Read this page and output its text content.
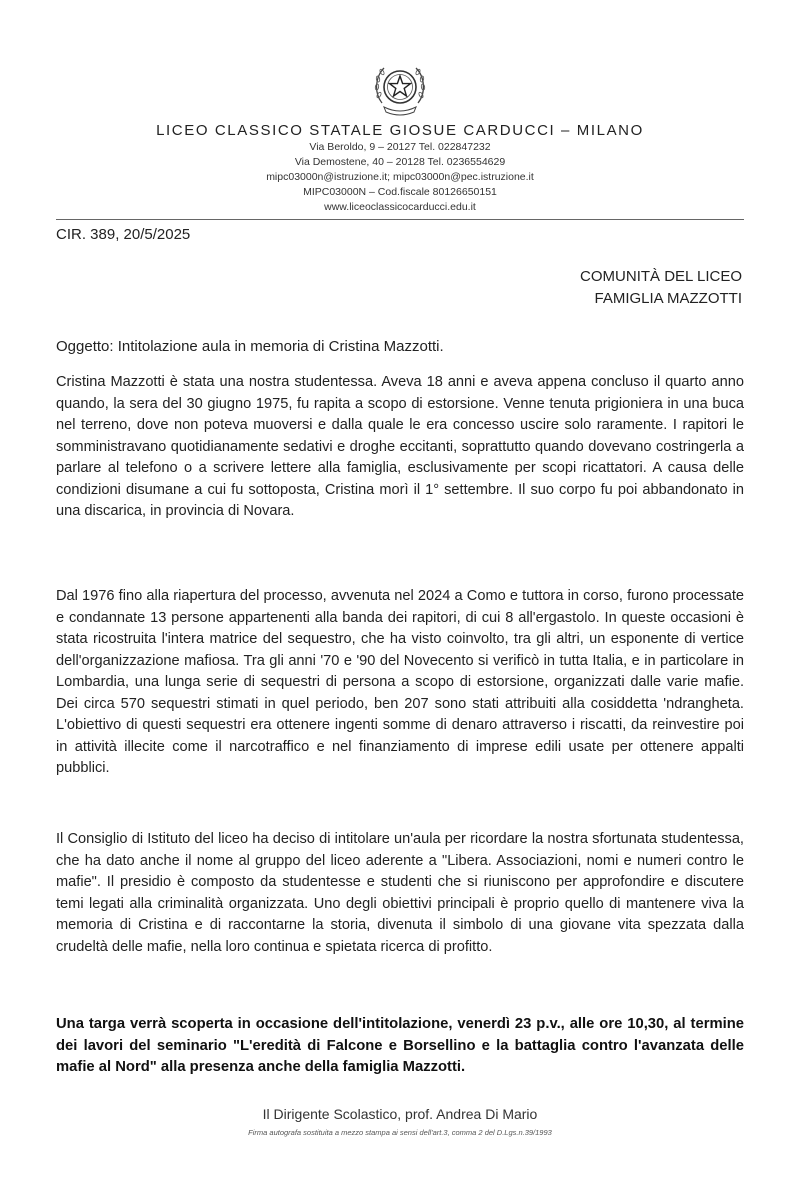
LICEO CLASSICO STATALE GIOSUE CARDUCCI – MILANO
Via Beroldo, 9 – 20127 Tel. 022847232
Via Demostene, 40 – 20128 Tel. 0236554629
mipc03000n@istruzione.it; mipc03000n@pec.istruzione.it
MIPC03000N – Cod.fiscale 80126650151
www.liceoclassicocarducci.edu.it
CIR. 389, 20/5/2025
COMUNITÀ DEL LICEO
FAMIGLIA MAZZOTTI
Oggetto: Intitolazione aula in memoria di Cristina Mazzotti.

Cristina Mazzotti è stata una nostra studentessa. Aveva 18 anni e aveva appena concluso il quarto anno quando, la sera del 30 giugno 1975, fu rapita a scopo di estorsione. Venne tenuta prigioniera in una buca nel terreno, dove non poteva muoversi e dalla quale le era concesso uscire solo raramente. I rapitori le somministravano quotidianamente sedativi e droghe eccitanti, soprattutto quando dovevano costringerla a parlare al telefono o a scrivere lettere alla famiglia, esclusivamente per scopi ricattatori. A causa delle condizioni disumane a cui fu sottoposta, Cristina morì il 1° settembre. Il suo corpo fu poi abbandonato in una discarica, in provincia di Novara.

Dal 1976 fino alla riapertura del processo, avvenuta nel 2024 a Como e tuttora in corso, furono processate e condannate 13 persone appartenenti alla banda dei rapitori, di cui 8 all'ergastolo. In queste occasioni è stata ricostruita l'intera matrice del sequestro, che ha visto coinvolto, tra gli altri, un esponente di vertice dell'organizzazione mafiosa. Tra gli anni '70 e '90 del Novecento si verificò in tutta Italia, e in particolare in Lombardia, una lunga serie di sequestri di persona a scopo di estorsione, organizzati dalle varie mafie. Dei circa 570 sequestri stimati in quel periodo, ben 207 sono stati attribuiti alla cosiddetta 'ndrangheta. L'obiettivo di questi sequestri era ottenere ingenti somme di denaro attraverso i riscatti, da reinvestire poi in attività illecite come il narcotraffico e nel finanziamento di imprese edili usate per ottenere appalti pubblici.

Il Consiglio di Istituto del liceo ha deciso di intitolare un'aula per ricordare la nostra sfortunata studentessa, che ha dato anche il nome al gruppo del liceo aderente a "Libera. Associazioni, nomi e numeri contro le mafie". Il presidio è composto da studentesse e studenti che si riuniscono per approfondire e discutere temi legati alla criminalità organizzata. Uno degli obiettivi principali è proprio quello di mantenere viva la memoria di Cristina e di raccontarne la storia, divenuta il simbolo di una giovane vita spezzata dalla crudeltà delle mafie, nella loro continua e spietata ricerca di profitto.

Una targa verrà scoperta in occasione dell'intitolazione, venerdì 23 p.v., alle ore 10,30, al termine dei lavori del seminario "L'eredità di Falcone e Borsellino e la battaglia contro l'avanzata delle mafie al Nord" alla presenza anche della famiglia Mazzotti.

Il Dirigente Scolastico, prof. Andrea Di Mario
Firma autografa sostituita a mezzo stampa ai sensi dell'art.3, comma 2 del D.Lgs.n.39/1993
